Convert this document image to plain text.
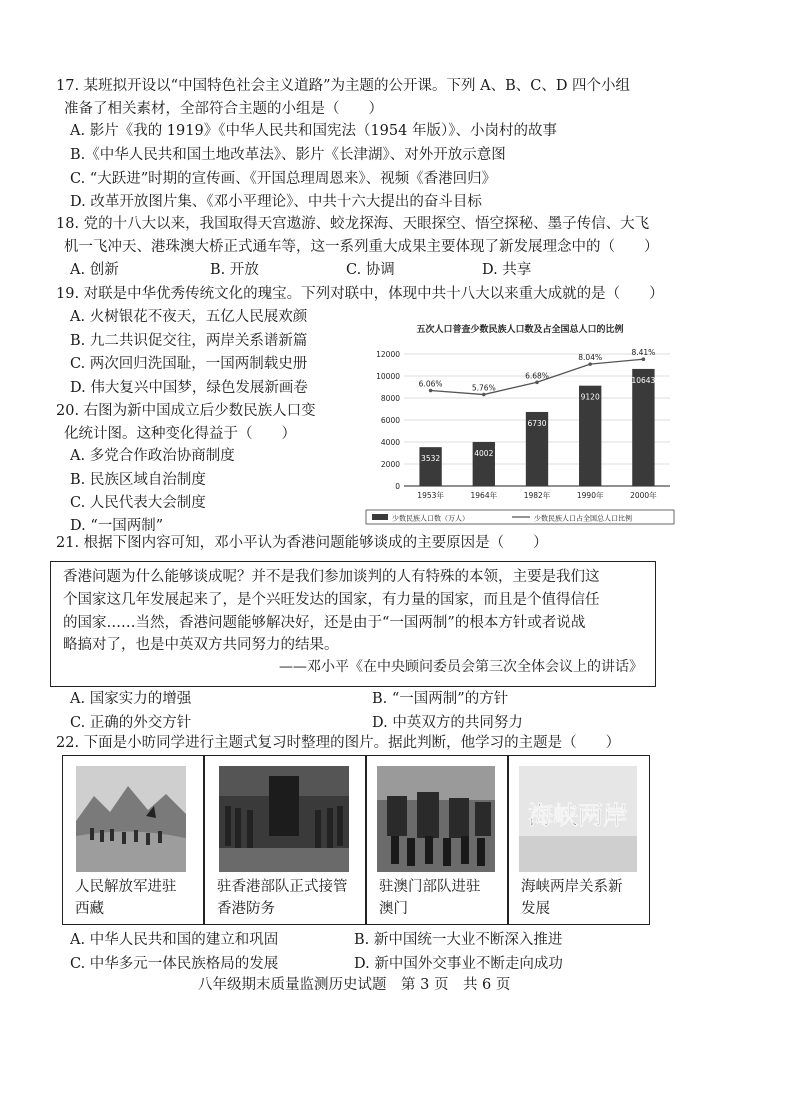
17. 某班拟开设以“中国特色社会主义道路”为主题的公开课。下列 A、B、C、D 四个小组
准备了相关素材，全部符合主题的小组是（　　）
A. 影片《我的 1919》《中华人民共和国宪法（1954 年版）》、小岗村的故事
B.《中华人民共和国土地改革法》、影片《长津湖》、对外开放示意图
C. “大跃进”时期的宣传画、《开国总理周恩来》、视频《香港回归》
D. 改革开放图片集、《邓小平理论》、中共十六大提出的奋斗目标
18. 党的十八大以来，我国取得天宫遨游、蛟龙探海、天眼探空、悟空探秘、墨子传信、大飞
机一飞冲天、港珠澳大桥正式通车等，这一系列重大成果主要体现了新发展理念中的（　　）
A. 创新	B. 开放	C. 协调	D. 共享
19. 对联是中华优秀传统文化的瑰宝。下列对联中，体现中共十八大以来重大成就的是（　　）
A. 火树银花不夜天，五亿人民展欢颜
B. 九二共识促交往，两岸关系谱新篇
C. 两次回归洗国耻，一国两制载史册
D. 伟大复兴中国梦，绿色发展新画卷
20. 右图为新中国成立后少数民族人口变
化统计图。这种变化得益于（　　）
A. 多党合作政治协商制度
B. 民族区域自治制度
C. 人民代表大会制度
D. “一国两制”
五次人口普查少数民族人口数及占全国总人口的比例
12000
10000
8000
6000
4000
2000
0
3532
4002
6730
9120
10643
6.06%	5.76%
6.68%
8.04%
8.41%
1953年	1964年	1982年	1990年	2000年
少数民族人口数（万人）	少数民族人口占全国总人口比例
21. 根据下图内容可知，邓小平认为香港问题能够谈成的主要原因是（　　）
香港问题为什么能够谈成呢？并不是我们参加谈判的人有特殊的本领，主要是我们这
个国家这几年发展起来了，是个兴旺发达的国家，有力量的国家，而且是个值得信任
的国家……当然，香港问题能够解决好，还是由于“一国两制”的根本方针或者说战
略搞对了，也是中英双方共同努力的结果。
——邓小平《在中央顾问委员会第三次全体会议上的讲话》
A. 国家实力的增强	B. “一国两制”的方针
C. 正确的外交方针	D. 中英双方的共同努力
22. 下面是小昉同学进行主题式复习时整理的图片。据此判断，他学习的主题是（　　）
人民解放军进驻
西藏
驻香港部队正式接管
香港防务
驻澳门部队进驻
澳门
海峡两岸
海峡两岸关系新
发展
A. 中华人民共和国的建立和巩固	B. 新中国统一大业不断深入推进
C. 中华多元一体民族格局的发展	D. 新中国外交事业不断走向成功
八年级期末质量监测历史试题　第 3 页　共 6 页
